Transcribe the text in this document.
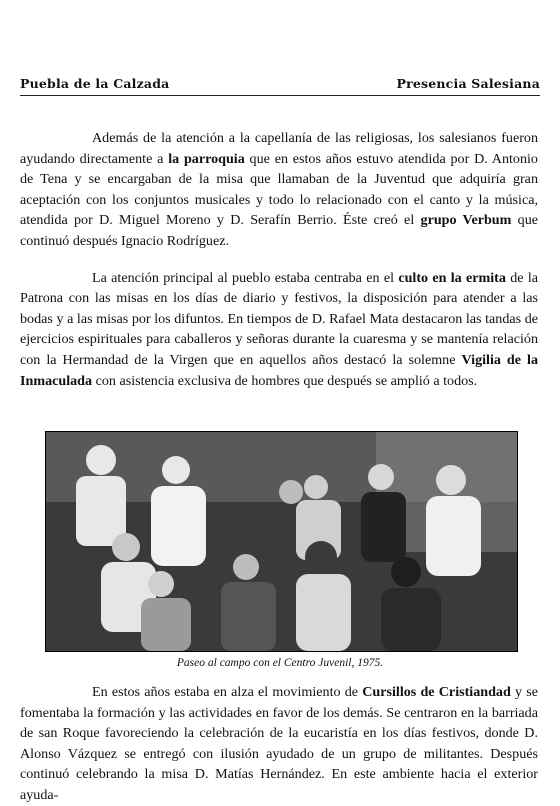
Puebla de la Calzada	Presencia Salesiana

Además de la atención a la capellanía de las religiosas, los salesianos fueron ayudando directamente a la parroquia que en estos años estuvo atendida por D. Antonio de Tena y se encargaban de la misa que llamaban de la Juventud que adquiría gran aceptación con los conjuntos musicales y todo lo relacionado con el canto y la música, atendida por D. Miguel Moreno y D. Serafín Berrio. Éste creó el grupo Verbum que continuó después Ignacio Rodríguez.

La atención principal al pueblo estaba centraba en el culto en la ermita de la Patrona con las misas en los días de diario y festivos, la disposición para atender a las bodas y a las misas por los difuntos. En tiempos de D. Rafael Mata destacaron las tandas de ejercicios espirituales para caballeros y señoras durante la cuaresma y se mantenía relación con la Hermandad de la Virgen que en aquellos años destacó la solemne Vigilia de la Inmaculada con asistencia exclusiva de hombres que después se amplió a todos.

Paseo al campo con el Centro Juvenil, 1975.

En estos años estaba en alza el movimiento de Cursillos de Cristiandad y se fomentaba la formación y las actividades en favor de los demás. Se centraron en la barriada de san Roque favoreciendo la celebración de la eucaristía en los días festivos, donde D. Alonso Vázquez se entregó con ilusión ayudado de un grupo de militantes. Después continuó celebrando la misa D. Matías Hernández. En este ambiente hacia el exterior ayuda-
